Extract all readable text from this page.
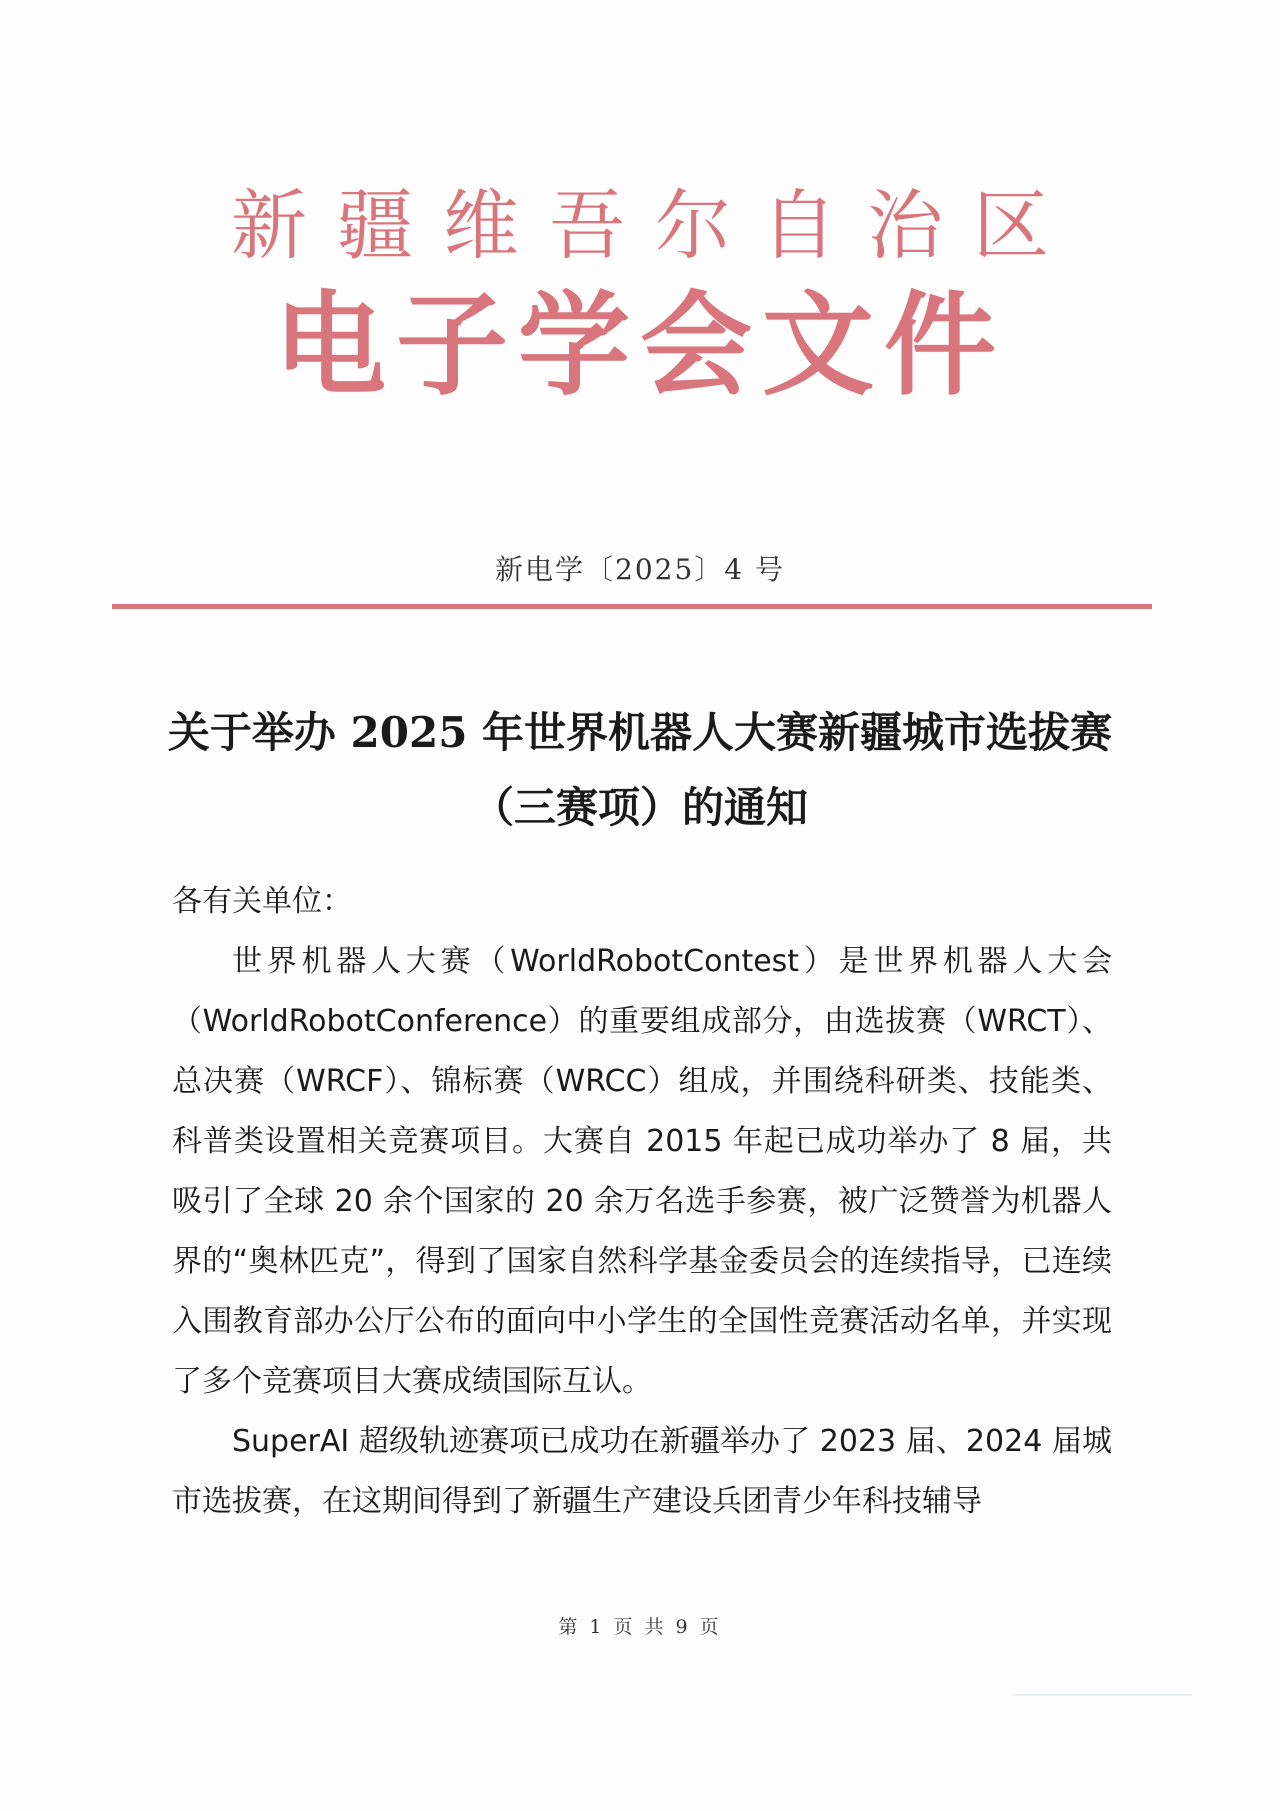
新疆维吾尔自治区
电子学会文件
新电学〔2025〕4 号
关于举办 2025 年世界机器人大赛新疆城市选拔赛（三赛项）的通知

各有关单位：

世界机器人大赛（WorldRobotContest）是世界机器人大会（WorldRobotConference）的重要组成部分，由选拔赛（WRCT）、总决赛（WRCF）、锦标赛（WRCC）组成，并围绕科研类、技能类、科普类设置相关竞赛项目。大赛自 2015 年起已成功举办了 8 届，共吸引了全球 20 余个国家的 20 余万名选手参赛，被广泛赞誉为机器人界的“奥林匹克”，得到了国家自然科学基金委员会的连续指导，已连续入围教育部办公厅公布的面向中小学生的全国性竞赛活动名单，并实现了多个竞赛项目大赛成绩国际互认。

SuperAI 超级轨迹赛项已成功在新疆举办了 2023 届、2024 届城市选拔赛，在这期间得到了新疆生产建设兵团青少年科技辅导

第 1 页 共 9 页
